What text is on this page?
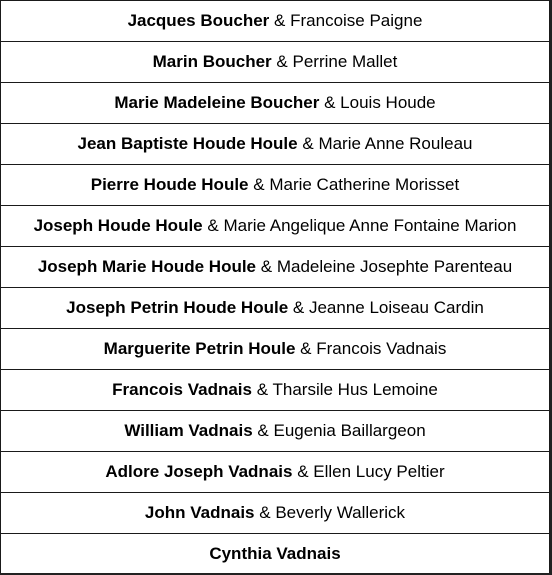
Jacques Boucher & Francoise Paigne
Marin Boucher & Perrine Mallet
Marie Madeleine Boucher & Louis Houde
Jean Baptiste Houde Houle & Marie Anne Rouleau
Pierre Houde Houle & Marie Catherine Morisset
Joseph Houde Houle & Marie Angelique Anne Fontaine Marion
Joseph Marie Houde Houle & Madeleine Josephte Parenteau
Joseph Petrin Houde Houle & Jeanne Loiseau Cardin
Marguerite Petrin Houle & Francois Vadnais
Francois Vadnais & Tharsile Hus Lemoine
William Vadnais & Eugenia Baillargeon
Adlore Joseph Vadnais & Ellen Lucy Peltier
John Vadnais & Beverly Wallerick
Cynthia Vadnais
